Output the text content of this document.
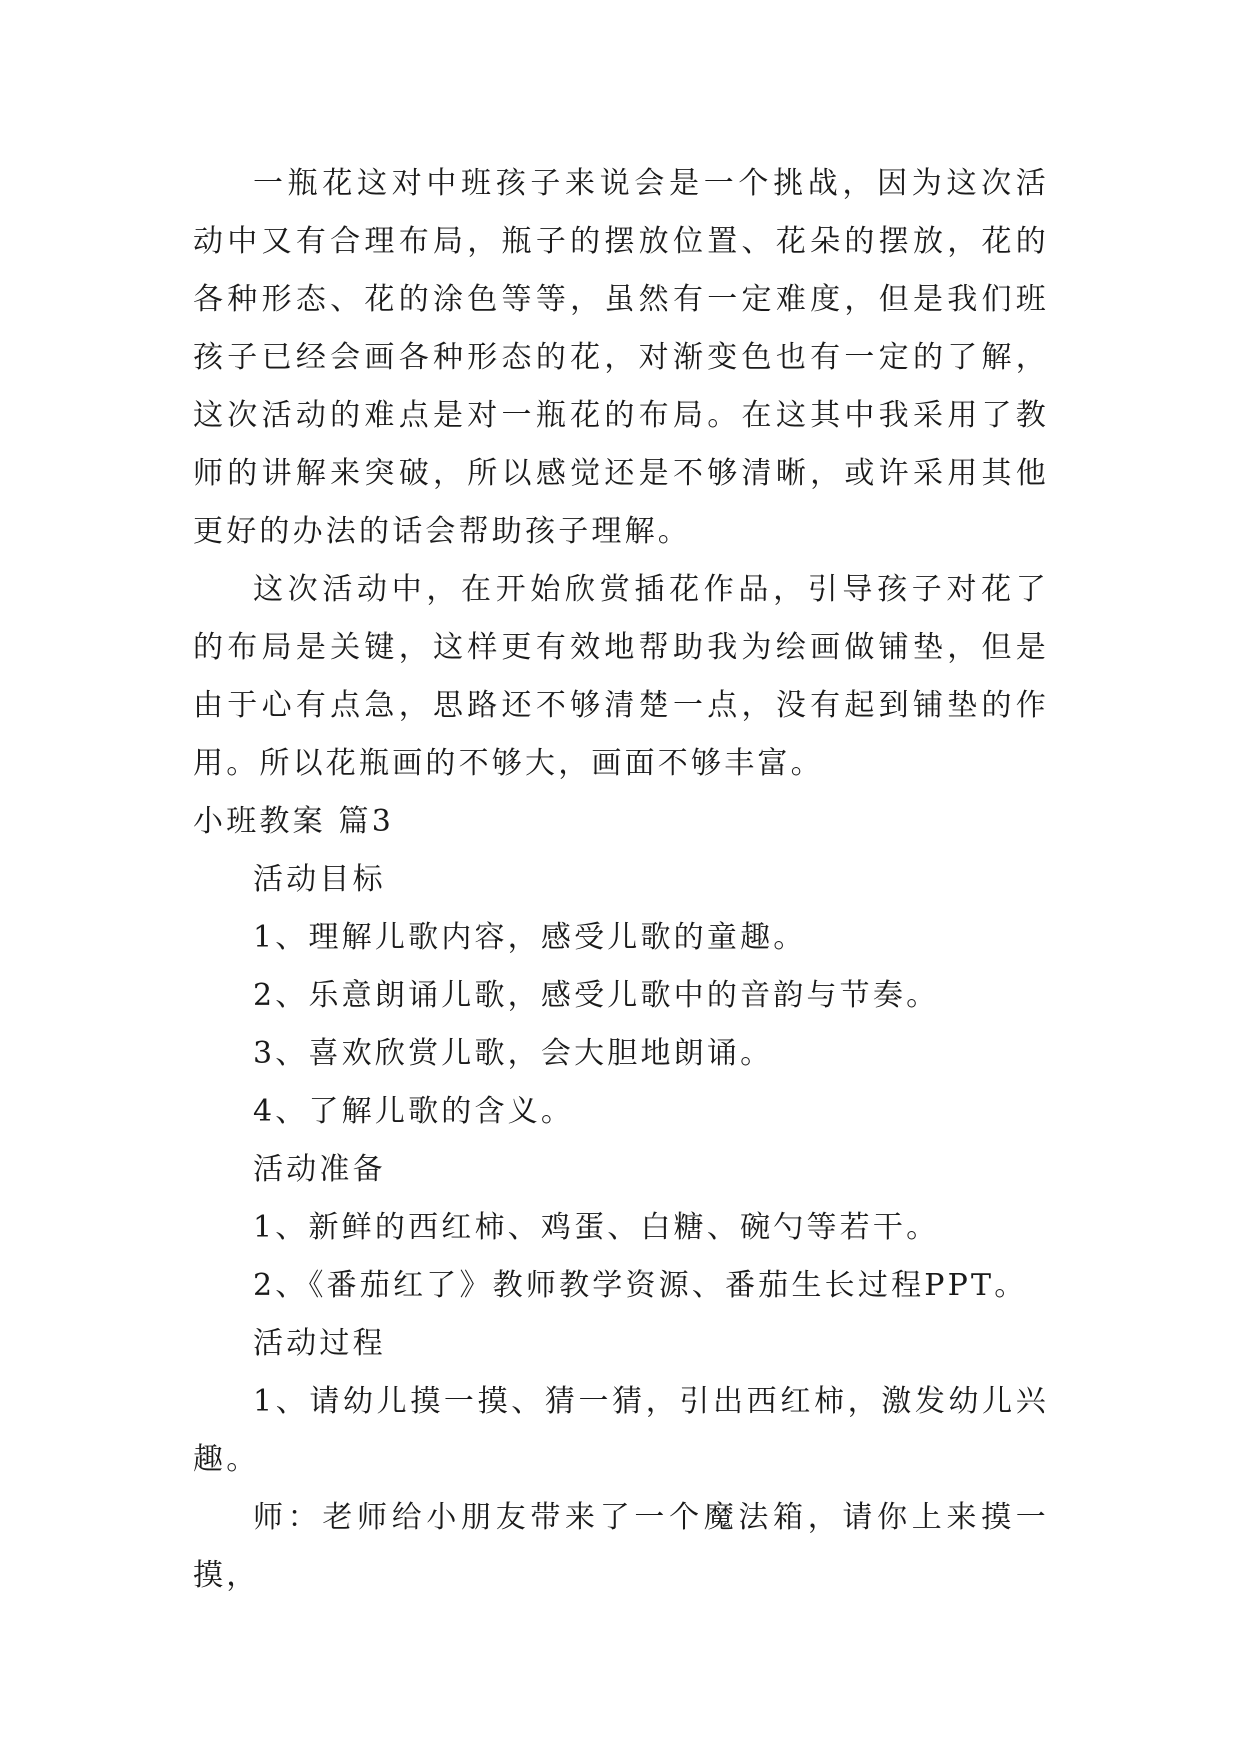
一瓶花这对中班孩子来说会是一个挑战，因为这次活动中又有合理布局，瓶子的摆放位置、花朵的摆放，花的各种形态、花的涂色等等，虽然有一定难度，但是我们班孩子已经会画各种形态的花，对渐变色也有一定的了解，这次活动的难点是对一瓶花的布局。在这其中我采用了教师的讲解来突破，所以感觉还是不够清晰，或许采用其他更好的办法的话会帮助孩子理解。

这次活动中，在开始欣赏插花作品，引导孩子对花了的布局是关键，这样更有效地帮助我为绘画做铺垫，但是由于心有点急，思路还不够清楚一点，没有起到铺垫的作用。所以花瓶画的不够大，画面不够丰富。

小班教案 篇3

活动目标

1、理解儿歌内容，感受儿歌的童趣。

2、乐意朗诵儿歌，感受儿歌中的音韵与节奏。

3、喜欢欣赏儿歌，会大胆地朗诵。

4、了解儿歌的含义。

活动准备

1、新鲜的西红柿、鸡蛋、白糖、碗勺等若干。

2、《番茄红了》教师教学资源、番茄生长过程PPT。

活动过程

1、请幼儿摸一摸、猜一猜，引出西红柿，激发幼儿兴趣。

师：老师给小朋友带来了一个魔法箱，请你上来摸一摸，
